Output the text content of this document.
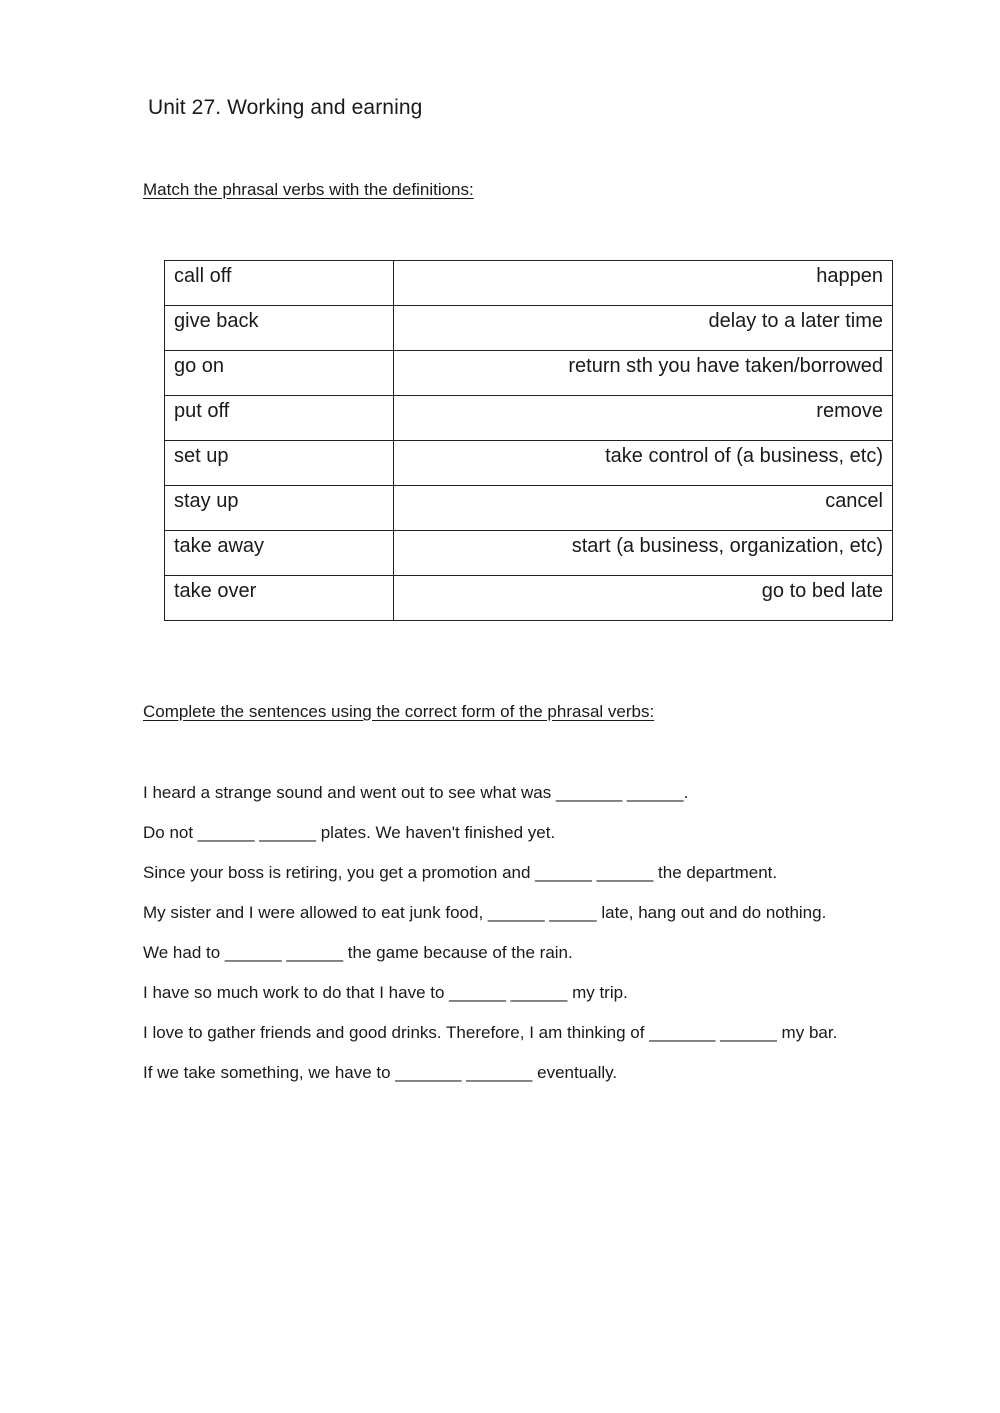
Unit 27. Working and earning
Match the phrasal verbs with the definitions:
call off	happen
give back	delay to a later time
go on	return sth you have taken/borrowed
put off	remove
set up	take control of (a business, etc)
stay up	cancel
take away	start (a business, organization, etc)
take over	go to bed late
Complete the sentences using the correct form of the phrasal verbs:
I heard a strange sound and went out to see what was _______ ______.
Do not ______ ______ plates. We haven't finished yet.
Since your boss is retiring, you get a promotion and ______ ______ the department.
My sister and I were allowed to eat junk food, ______ _____ late, hang out and do nothing.
We had to ______ ______ the game because of the rain.
I have so much work to do that I have to ______ ______ my trip.
I love to gather friends and good drinks. Therefore, I am thinking of _______ ______ my bar.
If we take something, we have to _______ _______ eventually.
